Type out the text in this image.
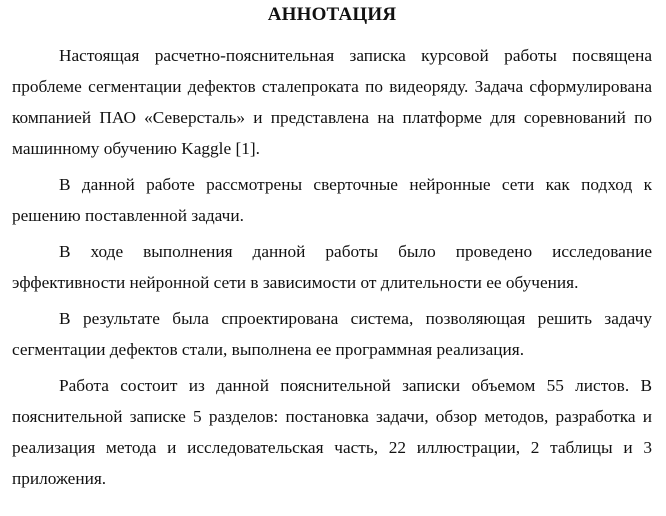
АННОТАЦИЯ

Настоящая расчетно-пояснительная записка курсовой работы посвящена проблеме сегментации дефектов сталепроката по видеоряду. Задача сформулирована компанией ПАО «Северсталь» и представлена на платформе для соревнований по машинному обучению Kaggle [1].

В данной работе рассмотрены сверточные нейронные сети как подход к решению поставленной задачи.

В ходе выполнения данной работы было проведено исследование эффективности нейронной сети в зависимости от длительности ее обучения.

В результате была спроектирована система, позволяющая решить задачу сегментации дефектов стали, выполнена ее программная реализация.

Работа состоит из данной пояснительной записки объемом 55 листов. В пояснительной записке 5 разделов: постановка задачи, обзор методов, разработка и реализация метода и исследовательская часть, 22 иллюстрации, 2 таблицы и 3 приложения.
